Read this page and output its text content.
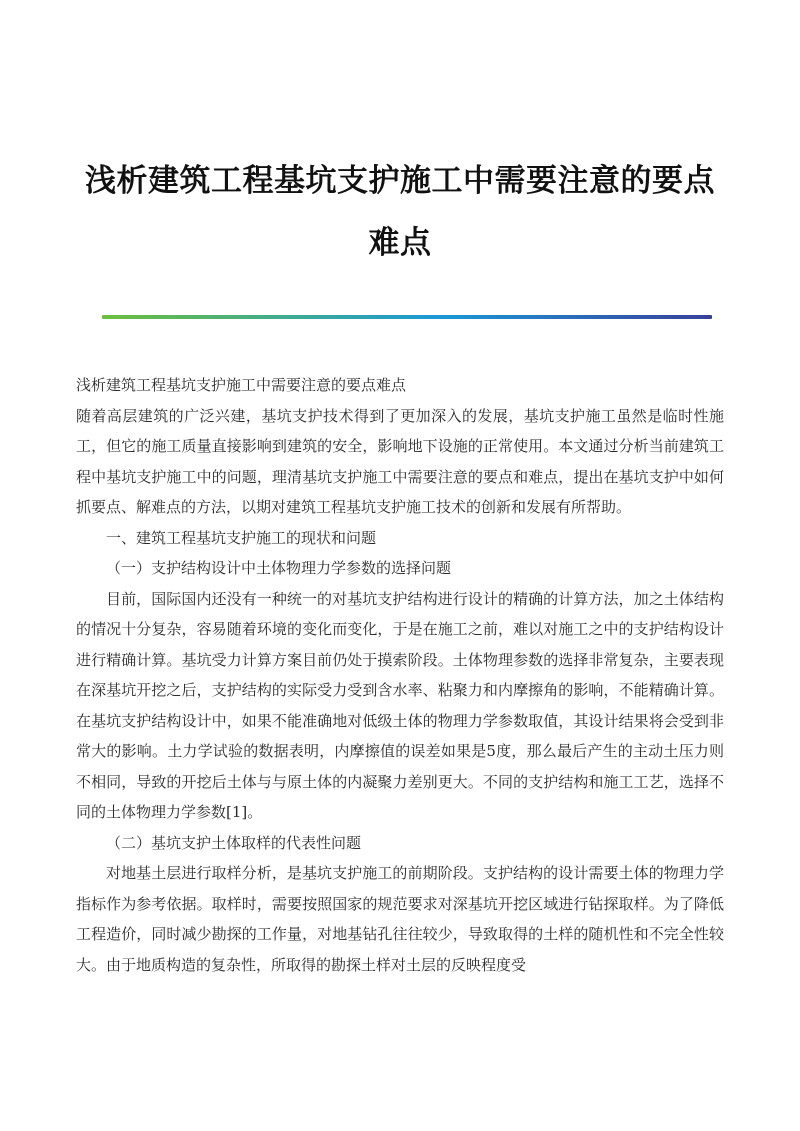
浅析建筑工程基坑支护施工中需要注意的要点难点

浅析建筑工程基坑支护施工中需要注意的要点难点

随着高层建筑的广泛兴建，基坑支护技术得到了更加深入的发展，基坑支护施工虽然是临时性施工，但它的施工质量直接影响到建筑的安全，影响地下设施的正常使用。本文通过分析当前建筑工程中基坑支护施工中的问题，理清基坑支护施工中需要注意的要点和难点，提出在基坑支护中如何抓要点、解难点的方法，以期对建筑工程基坑支护施工技术的创新和发展有所帮助。

一、建筑工程基坑支护施工的现状和问题

（一）支护结构设计中土体物理力学参数的选择问题

目前，国际国内还没有一种统一的对基坑支护结构进行设计的精确的计算方法，加之土体结构的情况十分复杂，容易随着环境的变化而变化，于是在施工之前，难以对施工之中的支护结构设计进行精确计算。基坑受力计算方案目前仍处于摸索阶段。土体物理参数的选择非常复杂，主要表现在深基坑开挖之后，支护结构的实际受力受到含水率、粘聚力和内摩擦角的影响，不能精确计算。在基坑支护结构设计中，如果不能准确地对低级土体的物理力学参数取值，其设计结果将会受到非常大的影响。土力学试验的数据表明，内摩擦值的误差如果是5度，那么最后产生的主动土压力则不相同，导致的开挖后土体与与原土体的内凝聚力差别更大。不同的支护结构和施工工艺，选择不同的土体物理力学参数[1]。

（二）基坑支护土体取样的代表性问题

对地基土层进行取样分析，是基坑支护施工的前期阶段。支护结构的设计需要土体的物理力学指标作为参考依据。取样时，需要按照国家的规范要求对深基坑开挖区域进行钻探取样。为了降低工程造价，同时减少勘探的工作量，对地基钻孔往往较少，导致取得的土样的随机性和不完全性较大。由于地质构造的复杂性，所取得的勘探土样对土层的反映程度受
